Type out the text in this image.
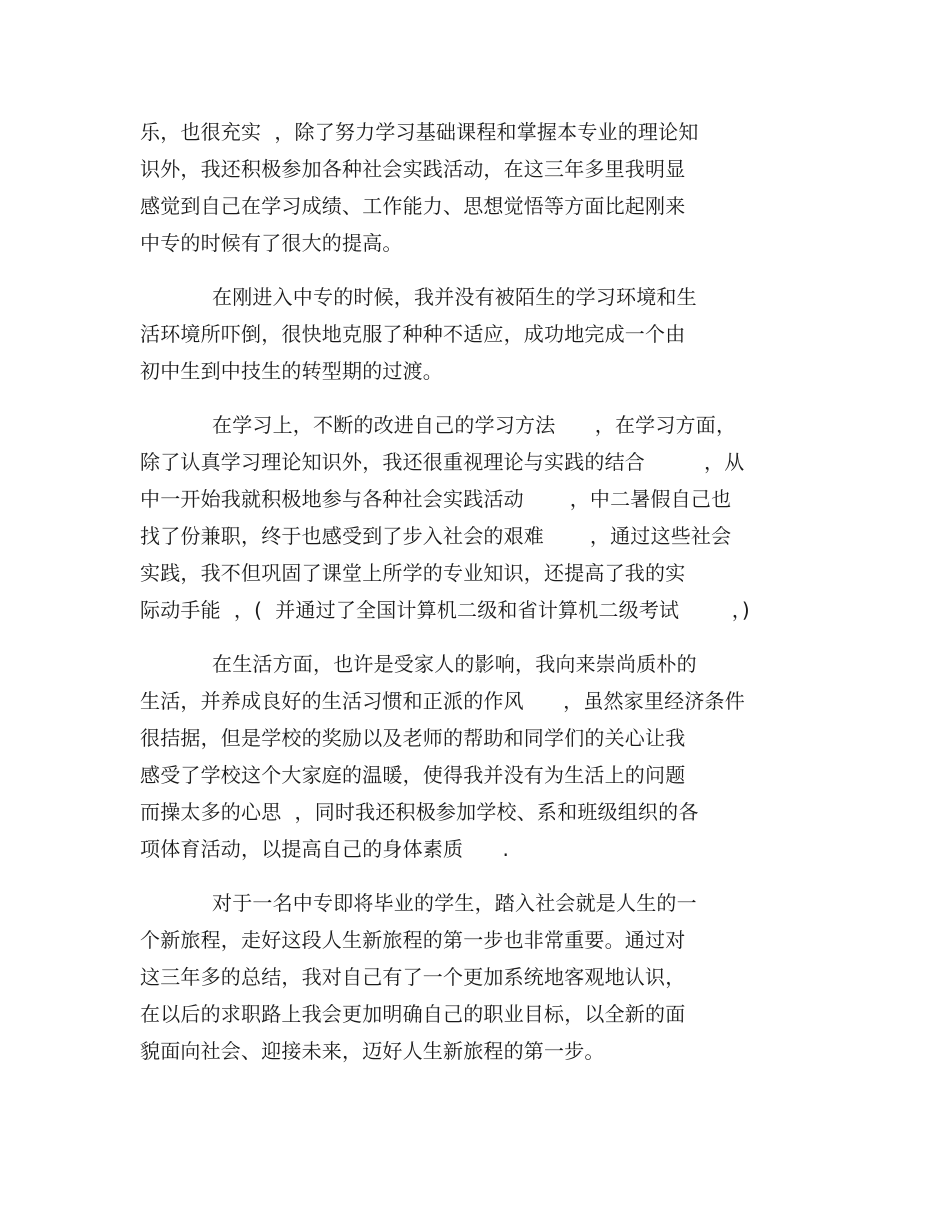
乐，也很充实  ，除了努力学习基础课程和掌握本专业的理论知
识外，我还积极参加各种社会实践活动，在这三年多里我明显
感觉到自己在学习成绩、工作能力、思想觉悟等方面比起刚来
中专的时候有了很大的提高。
在刚进入中专的时候，我并没有被陌生的学习环境和生
活环境所吓倒，很快地克服了种种不适应，成功地完成一个由
初中生到中技生的转型期的过渡。
在学习上，不断的改进自己的学习方法      ，在学习方面，
除了认真学习理论知识外，我还很重视理论与实践的结合         ，从
中一开始我就积极地参与各种社会实践活动       ，中二暑假自己也
找了份兼职，终于也感受到了步入社会的艰难       ，通过这些社会
实践，我不但巩固了课堂上所学的专业知识，还提高了我的实
际动手能  ，(  并通过了全国计算机二级和省计算机二级考试        ，)
在生活方面，也许是受家人的影响，我向来崇尚质朴的
生活，并养成良好的生活习惯和正派的作风      ，虽然家里经济条件
很拮据，但是学校的奖励以及老师的帮助和同学们的关心让我
感受了学校这个大家庭的温暖，使得我并没有为生活上的问题
而操太多的心思  ，同时我还积极参加学校、系和班级组织的各
项体育活动，以提高自己的身体素质      .
对于一名中专即将毕业的学生，踏入社会就是人生的一
个新旅程，走好这段人生新旅程的第一步也非常重要。通过对
这三年多的总结，我对自己有了一个更加系统地客观地认识，
在以后的求职路上我会更加明确自己的职业目标，以全新的面
貌面向社会、迎接未来，迈好人生新旅程的第一步。
